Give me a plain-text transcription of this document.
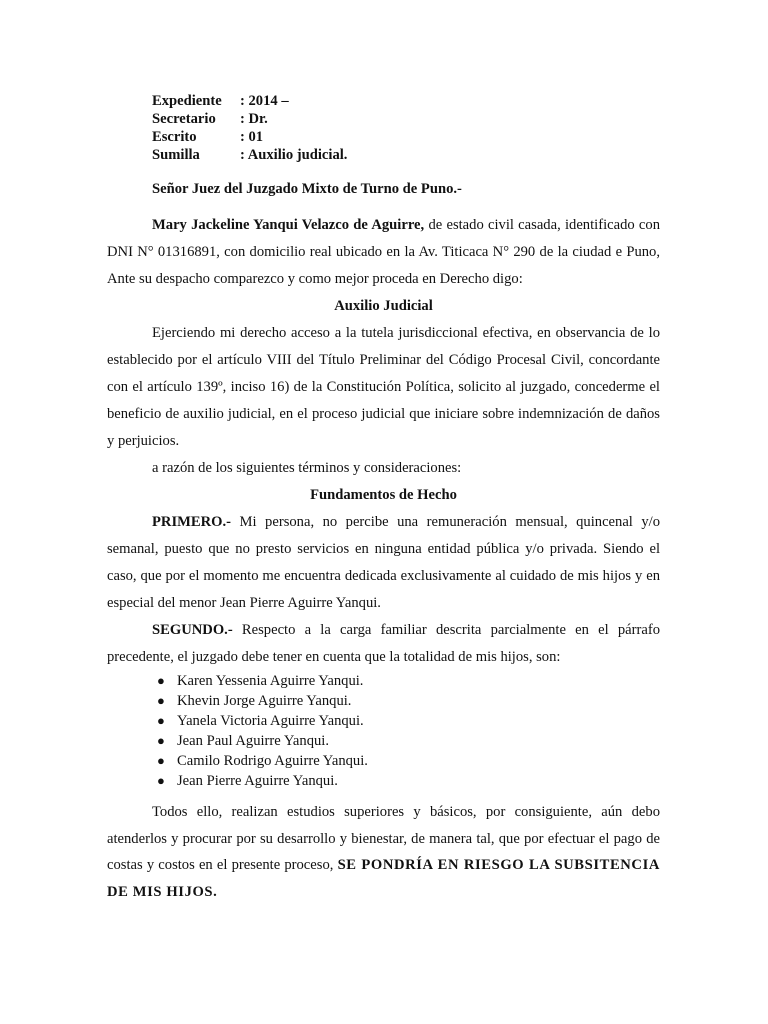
Expediente	: 2014 –
Secretario	: Dr.
Escrito	: 01
Sumilla	: Auxilio judicial.
Señor Juez del Juzgado Mixto de Turno de Puno.-

Mary Jackeline Yanqui Velazco de Aguirre, de estado civil casada, identificado con DNI N° 01316891, con domicilio real ubicado en la Av. Titicaca N° 290 de la ciudad e Puno, Ante su despacho comparezco y como mejor proceda en Derecho digo:

Auxilio Judicial

Ejerciendo mi derecho acceso a la tutela jurisdiccional efectiva, en observancia de lo establecido por el artículo VIII del Título Preliminar del Código Procesal Civil, concordante con el artículo 139º, inciso 16) de la Constitución Política, solicito al juzgado, concederme el beneficio de auxilio judicial, en el proceso judicial que iniciare sobre indemnización de daños y perjuicios.

a razón de los siguientes términos y consideraciones:

Fundamentos de Hecho

PRIMERO.- Mi persona, no percibe una remuneración mensual, quincenal y/o semanal, puesto que no presto servicios en ninguna entidad pública y/o privada. Siendo el caso, que por el momento me encuentra dedicada exclusivamente al cuidado de mis hijos y en especial del menor Jean Pierre Aguirre Yanqui.

SEGUNDO.- Respecto a la carga familiar descrita parcialmente en el párrafo precedente, el juzgado debe tener en cuenta que la totalidad de mis hijos, son:

● Karen Yessenia Aguirre Yanqui.
● Khevin Jorge Aguirre Yanqui.
● Yanela Victoria Aguirre Yanqui.
● Jean Paul Aguirre Yanqui.
● Camilo Rodrigo Aguirre Yanqui.
● Jean Pierre Aguirre Yanqui.

Todos ello, realizan estudios superiores y básicos, por consiguiente, aún debo atenderlos y procurar por su desarrollo y bienestar, de manera tal, que por efectuar el pago de costas y costos en el presente proceso, SE PONDRÍA EN RIESGO LA SUBSITENCIA DE MIS HIJOS.
